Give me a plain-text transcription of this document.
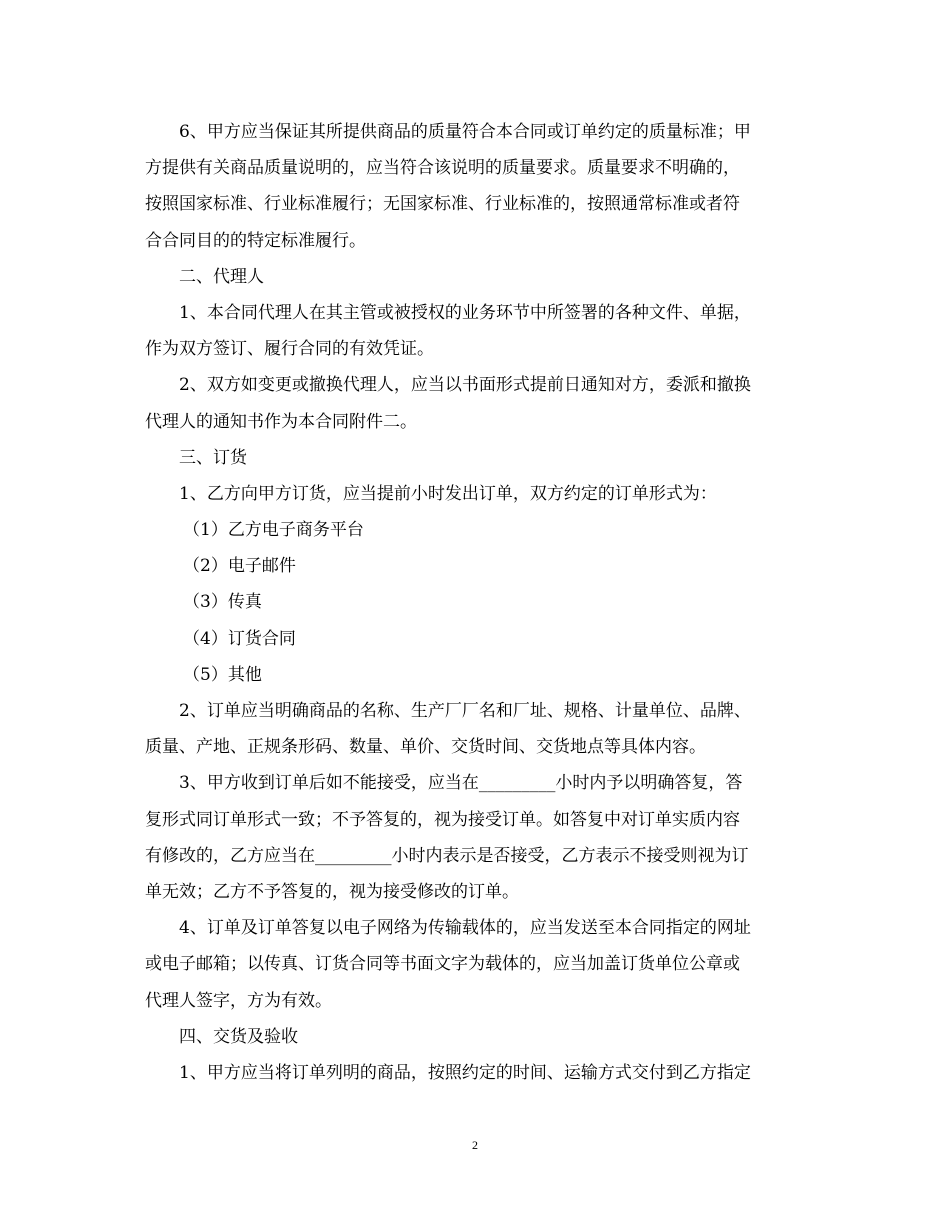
6、甲方应当保证其所提供商品的质量符合本合同或订单约定的质量标准；甲
方提供有关商品质量说明的，应当符合该说明的质量要求。质量要求不明确的，
按照国家标准、行业标准履行；无国家标准、行业标准的，按照通常标准或者符
合合同目的的特定标准履行。
二、代理人
1、本合同代理人在其主管或被授权的业务环节中所签署的各种文件、单据，
作为双方签订、履行合同的有效凭证。
2、双方如变更或撤换代理人，应当以书面形式提前日通知对方，委派和撤换
代理人的通知书作为本合同附件二。
三、订货
1、乙方向甲方订货，应当提前小时发出订单，双方约定的订单形式为：
（1）乙方电子商务平台
（2）电子邮件
（3）传真
（4）订货合同
（5）其他
2、订单应当明确商品的名称、生产厂厂名和厂址、规格、计量单位、品牌、
质量、产地、正规条形码、数量、单价、交货时间、交货地点等具体内容。
3、甲方收到订单后如不能接受，应当在_________小时内予以明确答复，答
复形式同订单形式一致；不予答复的，视为接受订单。如答复中对订单实质内容
有修改的，乙方应当在_________小时内表示是否接受，乙方表示不接受则视为订
单无效；乙方不予答复的，视为接受修改的订单。
4、订单及订单答复以电子网络为传输载体的，应当发送至本合同指定的网址
或电子邮箱；以传真、订货合同等书面文字为载体的，应当加盖订货单位公章或
代理人签字，方为有效。
四、交货及验收
1、甲方应当将订单列明的商品，按照约定的时间、运输方式交付到乙方指定
2
